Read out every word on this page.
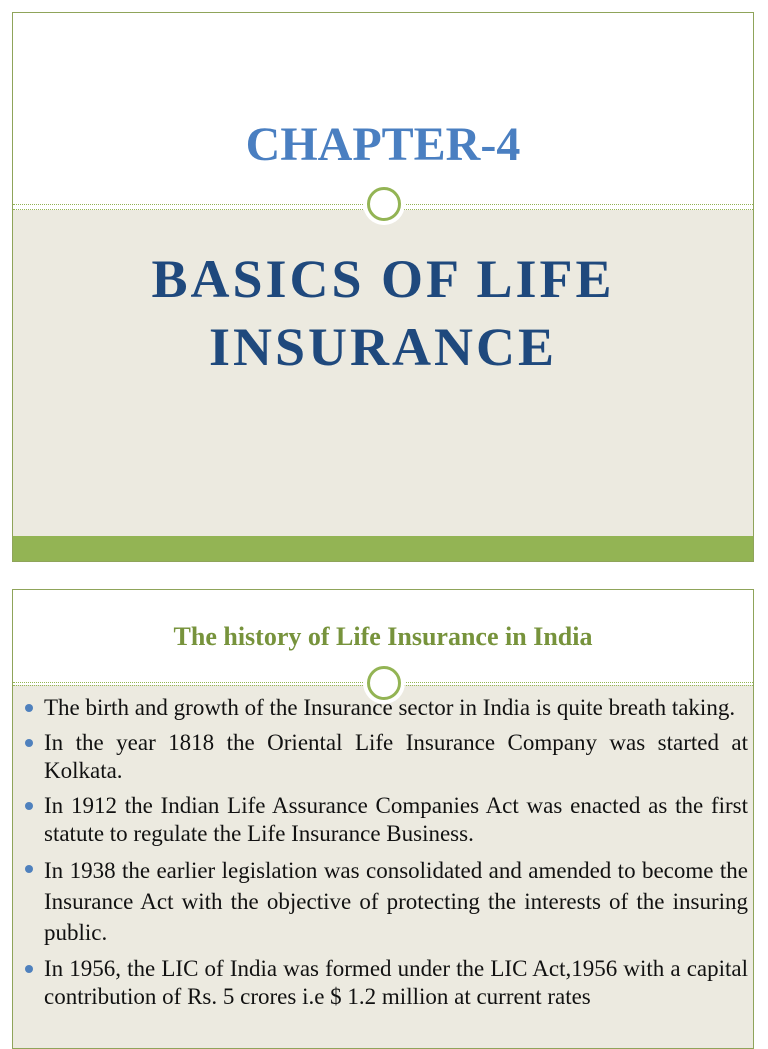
CHAPTER-4
BASICS OF LIFE
INSURANCE
The history of Life Insurance in India
The birth and growth of the Insurance sector in India is quite breath taking.
In the year 1818 the Oriental Life Insurance Company was started at Kolkata.
In 1912 the Indian Life Assurance Companies Act was enacted as the first statute to regulate the Life Insurance Business.
In 1938 the earlier legislation was consolidated and amended to become the Insurance Act with the objective of protecting the interests of the insuring public.
In 1956, the LIC of India was formed under the LIC Act,1956 with a capital contribution of Rs. 5 crores i.e $ 1.2 million at current rates
